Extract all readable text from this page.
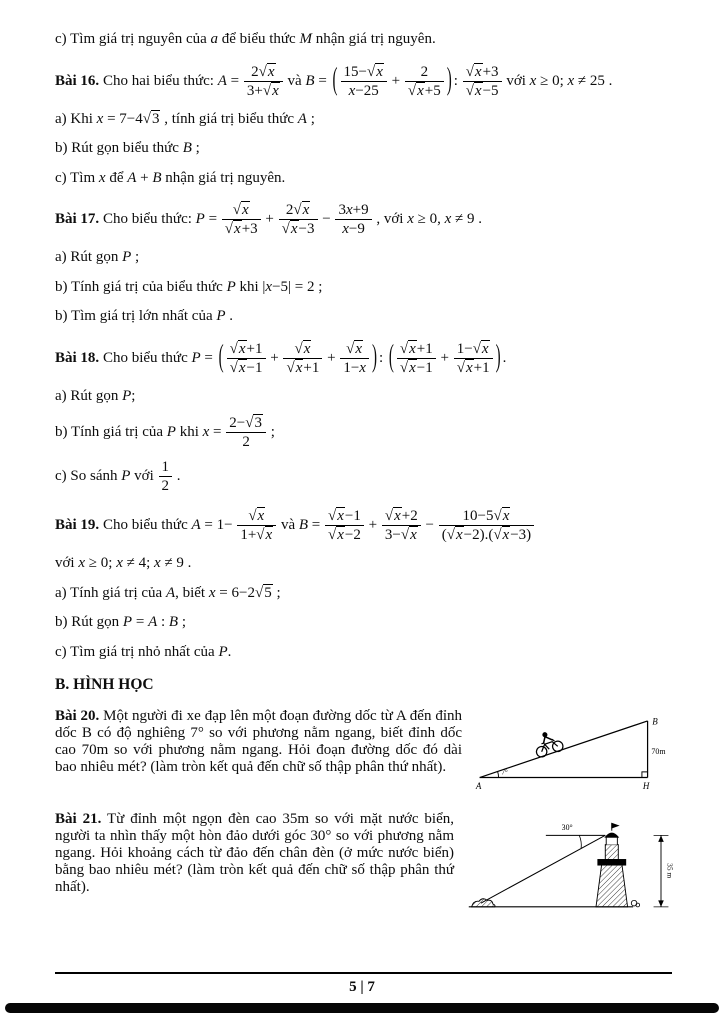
c) Tìm giá trị nguyên của a để biểu thức M nhận giá trị nguyên.

Bài 16. Cho hai biểu thức: $A = \frac{2√x}{3+√x}$ và B = ( $\frac{15-√x}{x-25} + \frac{2}{√x+5}$ ) : $\frac{√x+3}{√x-5}$ với x ≥ 0; x ≠ 25 .

a) Khi x = 7−4√3 , tính giá trị biểu thức A ;

b) Rút gọn biểu thức B ;

c) Tìm x để A + B nhận giá trị nguyên.

Bài 17. Cho biểu thức: $P = \frac{√x}{√x+3} + \frac{2√x}{√x-3} - \frac{3x+9}{x-9}$ , với x ≥ 0, x ≠ 9 .

a) Rút gọn P ;

b) Tính giá trị của biểu thức P khi |x−5| = 2 ;

b) Tìm giá trị lớn nhất của P .

Bài 18. Cho biểu thức P = ( $\frac{√x+1}{√x-1} + \frac{√x}{√x+1} + \frac{√x}{1-x}$ ) : ( $\frac{√x+1}{√x-1} + \frac{1-√x}{√x+1}$ ) .

a) Rút gọn P;

b) Tính giá trị của P khi $x = \frac{2-√3}{2}$ ;

c) So sánh P với $\frac{1}{2}$ .

Bài 19. Cho biểu thức $A = 1- \frac{√x}{1+√x}$ và $B = \frac{√x-1}{√x-2} + \frac{√x+2}{3-√x} - \frac{10-5√x}{(√x-2).(√x-3)}$

với x ≥ 0; x ≠ 4; x ≠ 9 .

a) Tính giá trị của A, biết x = 6−2√5 ;

b) Rút gọn P = A : B ;

c) Tìm giá trị nhỏ nhất của P.

B. HÌNH HỌC

Bài 20. Một người đi xe đạp lên một đoạn đường dốc từ A đến đỉnh dốc B có độ nghiêng 7° so với phương nằm ngang, biết đỉnh dốc cao 70m so với phương nằm ngang. Hỏi đoạn đường dốc đó dài bao nhiêu mét? (làm tròn kết quả đến chữ số thập phân thứ nhất).
B
70m
A	H
7°
Bài 21. Từ đỉnh một ngọn đèn cao 35m so với mặt nước biển, người ta nhìn thấy một hòn đảo dưới góc 30° so với phương nằm ngang. Hỏi khoảng cách từ đảo đến chân đèn (ở mức nước biển) bằng bao nhiêu mét? (làm tròn kết quả đến chữ số thập phân thứ nhất).
30°
35 m
5 | 7
